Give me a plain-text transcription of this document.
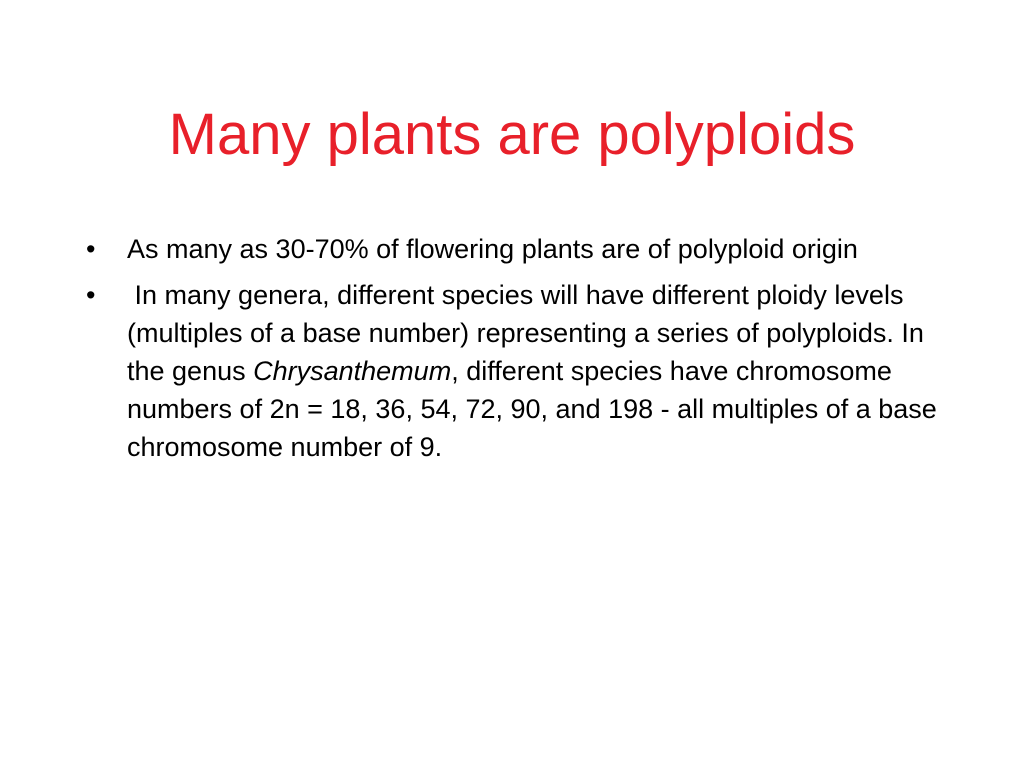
Many plants are polyploids
•	As many as 30-70% of flowering plants are of polyploid origin
•	In many genera, different species will have different ploidy levels (multiples of a base number) representing a series of polyploids. In the genus Chrysanthemum, different species have chromosome numbers of 2n = 18, 36, 54, 72, 90, and 198 - all multiples of a base chromosome number of 9.
